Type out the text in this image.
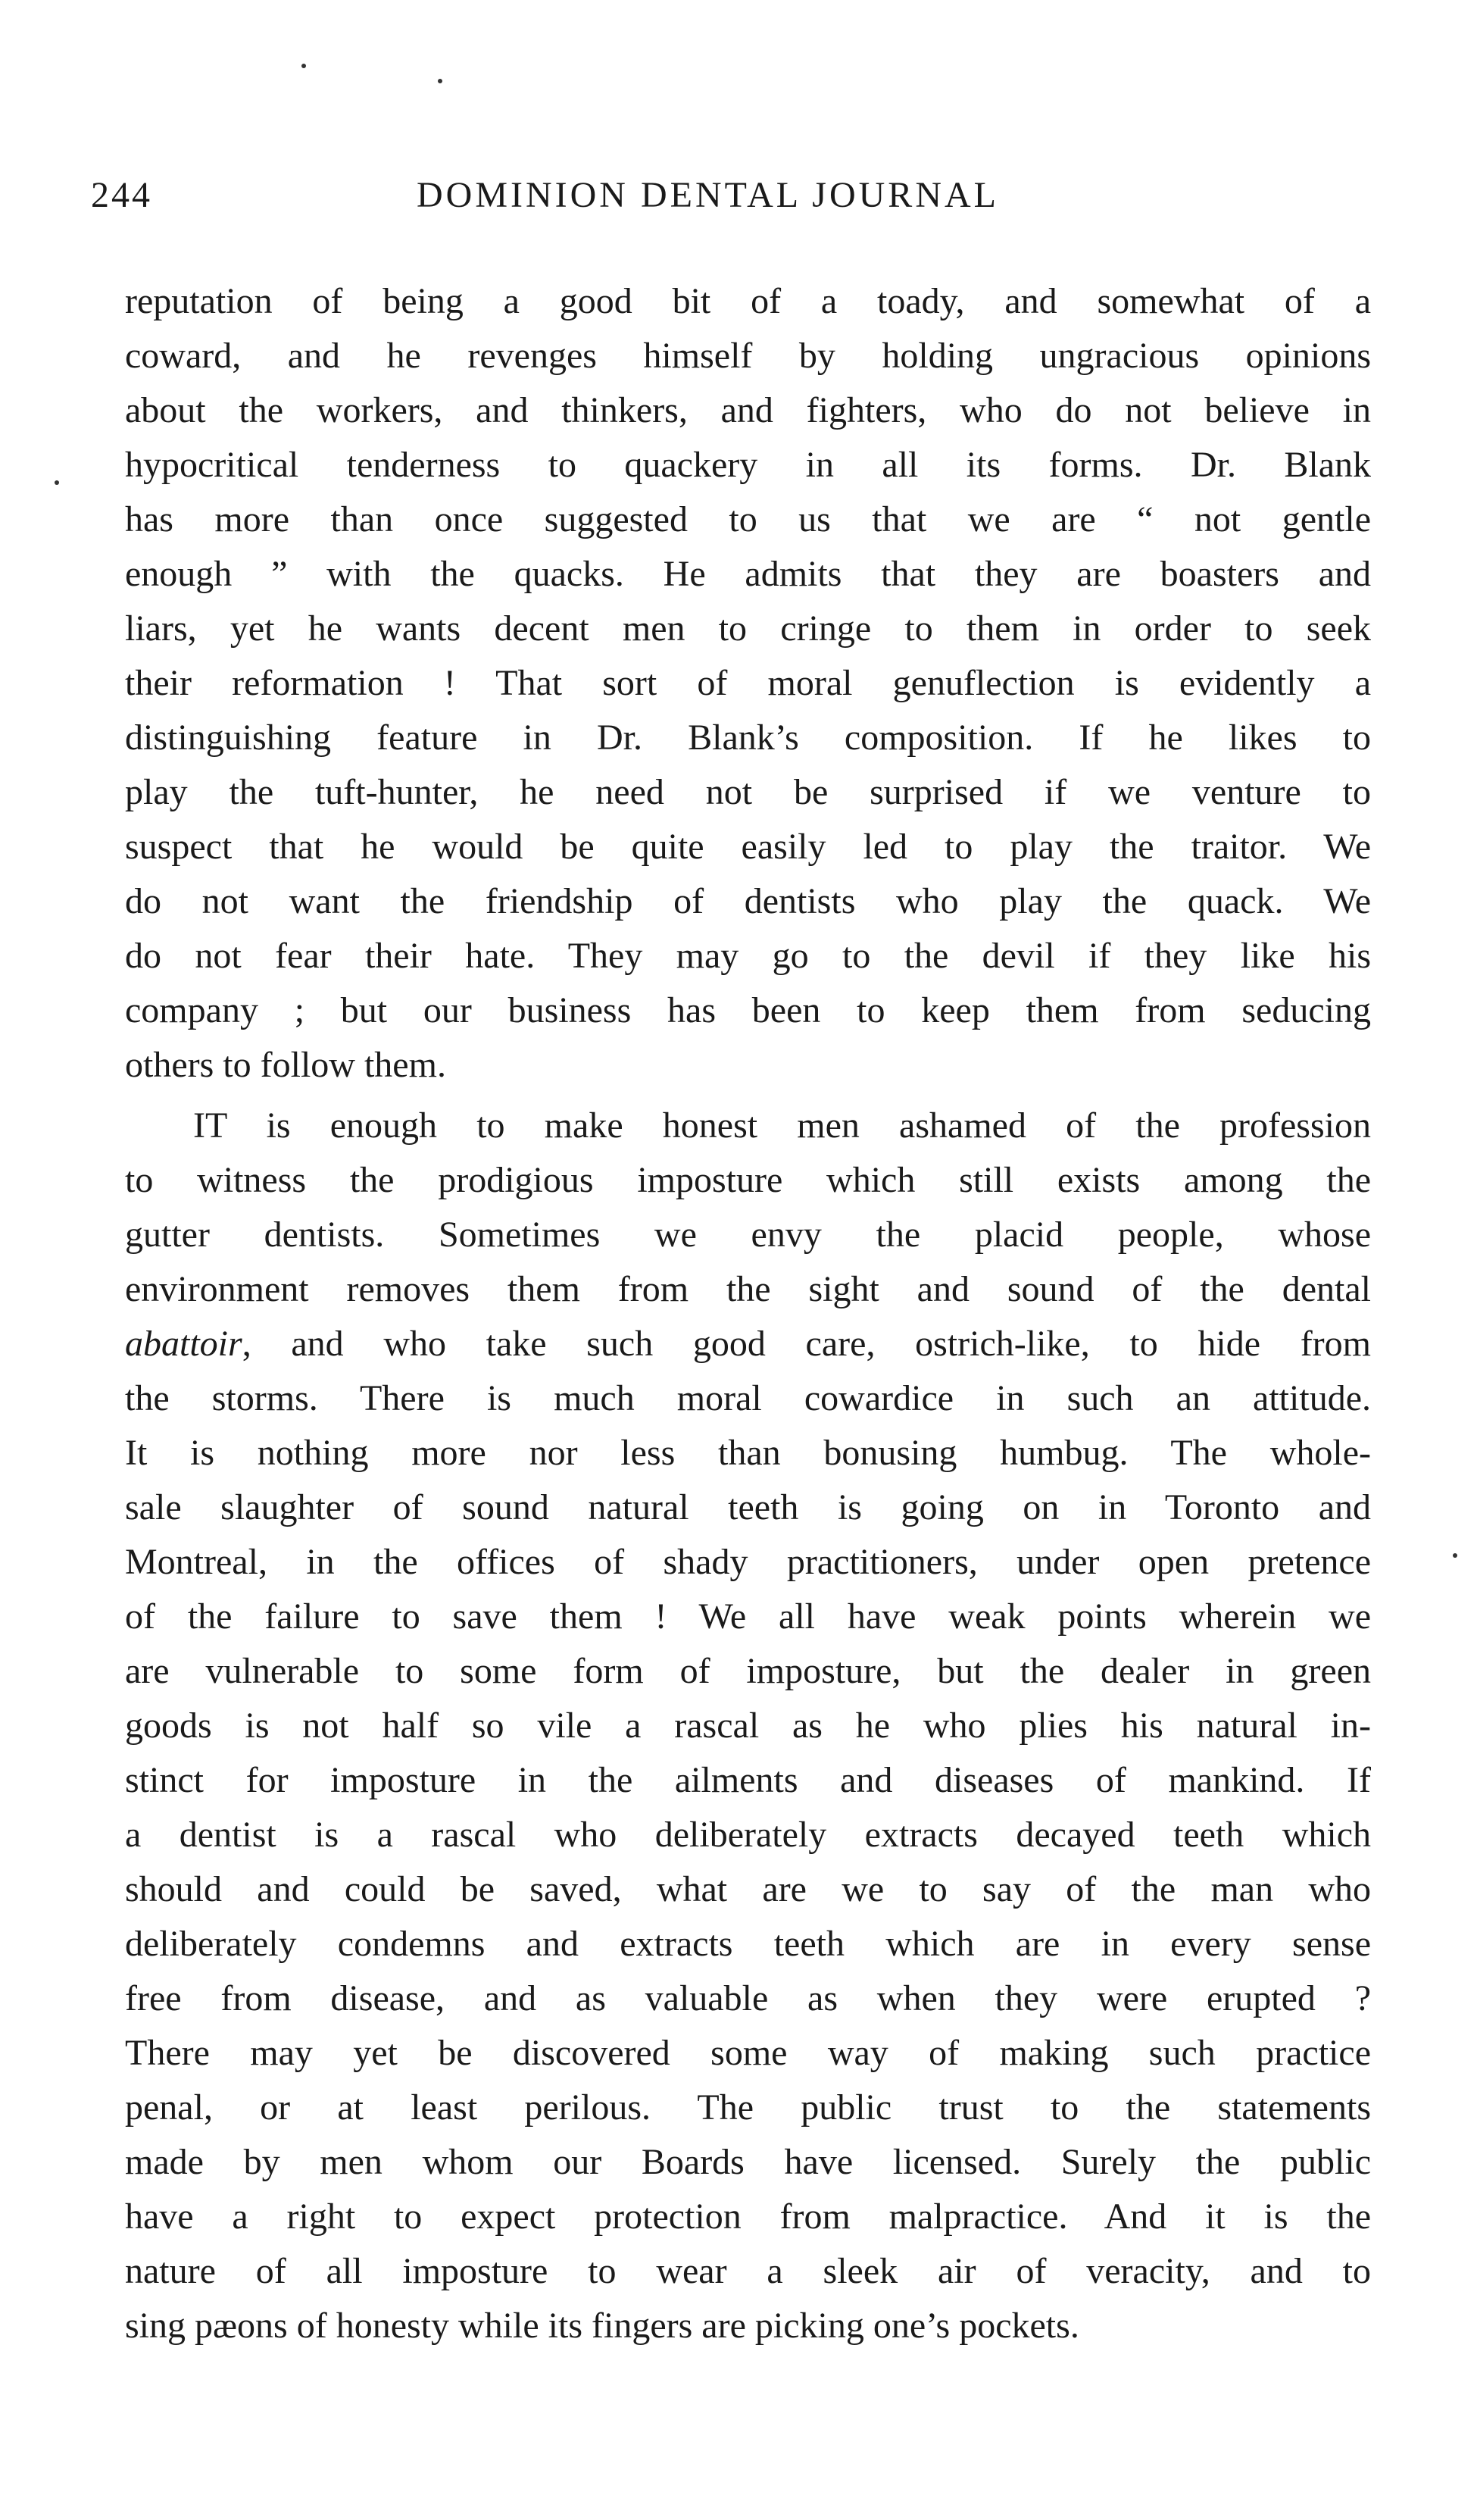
244	DOMINION DENTAL JOURNAL
reputation of being a good bit of a toady, and somewhat of a
coward, and he revenges himself by holding ungracious opinions
about the workers, and thinkers, and fighters, who do not believe in
hypocritical tenderness to quackery in all its forms. Dr. Blank
has more than once suggested to us that we are “ not gentle
enough ” with the quacks. He admits that they are boasters and
liars, yet he wants decent men to cringe to them in order to seek
their reformation ! That sort of moral genuflection is evidently a
distinguishing feature in Dr. Blank’s composition. If he likes to
play the tuft-hunter, he need not be surprised if we venture to
suspect that he would be quite easily led to play the traitor. We
do not want the friendship of dentists who play the quack. We
do not fear their hate. They may go to the devil if they like his
company ; but our business has been to keep them from seducing
others to follow them.
IT is enough to make honest men ashamed of the profession
to witness the prodigious imposture which still exists among the
gutter dentists. Sometimes we envy the placid people, whose
environment removes them from the sight and sound of the dental
abattoir, and who take such good care, ostrich-like, to hide from
the storms. There is much moral cowardice in such an attitude.
It is nothing more nor less than bonusing humbug. The whole-
sale slaughter of sound natural teeth is going on in Toronto and
Montreal, in the offices of shady practitioners, under open pretence
of the failure to save them ! We all have weak points wherein we
are vulnerable to some form of imposture, but the dealer in green
goods is not half so vile a rascal as he who plies his natural in-
stinct for imposture in the ailments and diseases of mankind. If
a dentist is a rascal who deliberately extracts decayed teeth which
should and could be saved, what are we to say of the man who
deliberately condemns and extracts teeth which are in every sense
free from disease, and as valuable as when they were erupted ?
There may yet be discovered some way of making such practice
penal, or at least perilous. The public trust to the statements
made by men whom our Boards have licensed. Surely the public
have a right to expect protection from malpractice. And it is the
nature of all imposture to wear a sleek air of veracity, and to
sing pæons of honesty while its fingers are picking one’s pockets.
